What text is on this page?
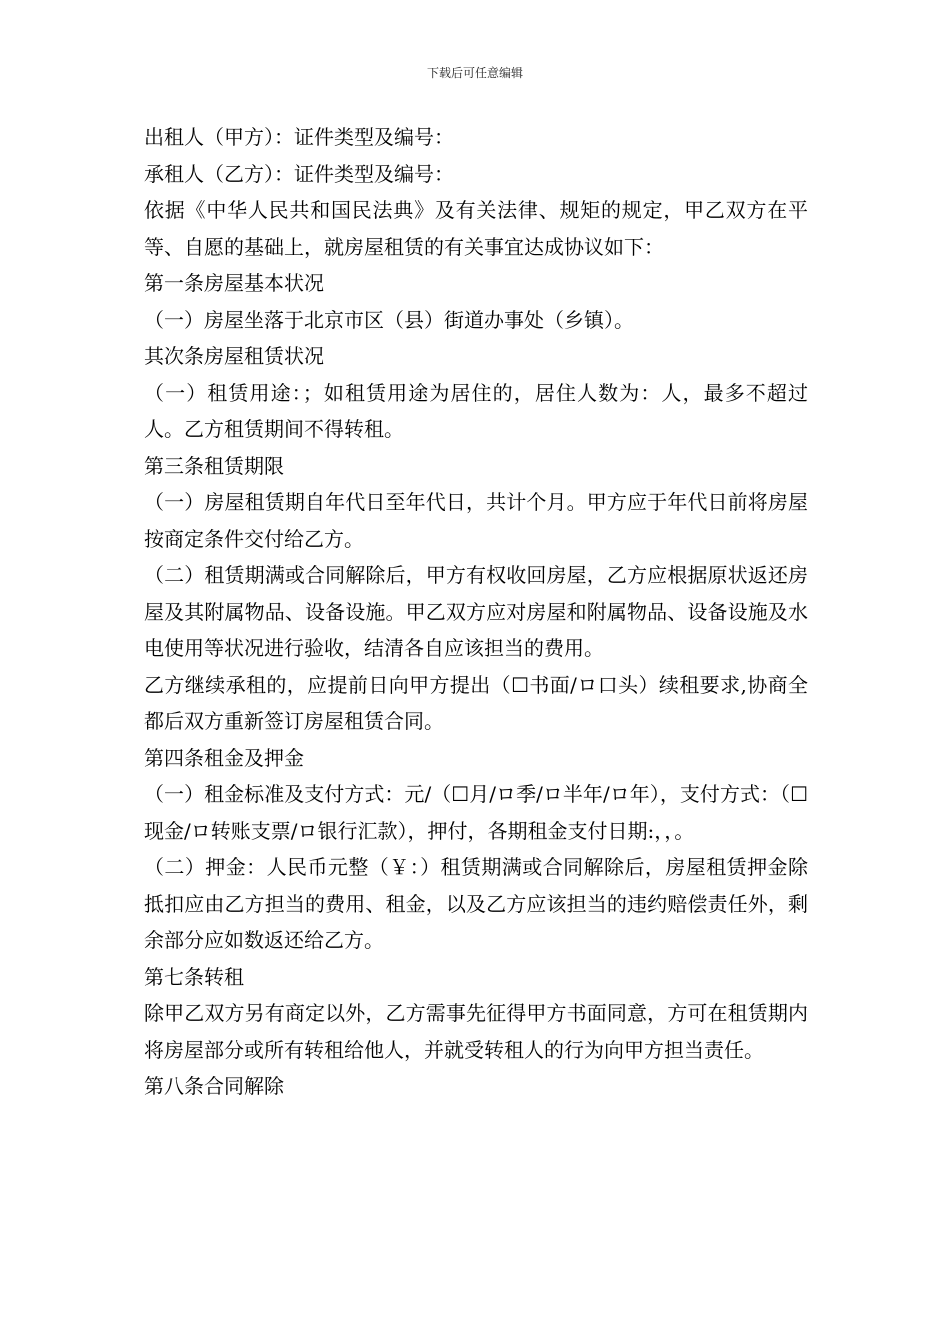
下载后可任意编辑

出租人（甲方）：证件类型及编号：

承租人（乙方）：证件类型及编号：

依据《中华人民共和国民法典》及有关法律、规矩的规定，甲乙双方在平等、自愿的基础上，就房屋租赁的有关事宜达成协议如下：

第一条房屋基本状况

（一）房屋坐落于北京市区（县）街道办事处（乡镇）。

其次条房屋租赁状况

（一）租赁用途：；如租赁用途为居住的，居住人数为：人，最多不超过人。乙方租赁期间不得转租。

第三条租赁期限

（一）房屋租赁期自年代日至年代日，共计个月。甲方应于年代日前将房屋按商定条件交付给乙方。

（二）租赁期满或合同解除后，甲方有权收回房屋，乙方应根据原状返还房屋及其附属物品、设备设施。甲乙双方应对房屋和附属物品、设备设施及水电使用等状况进行验收，结清各自应该担当的费用。

乙方继续承租的，应提前日向甲方提出（☐书面/ロ口头）续租要求,协商全都后双方重新签订房屋租赁合同。

第四条租金及押金

（一）租金标准及支付方式：元/（☐月/ロ季/ロ半年/ロ年），支付方式：（☐现金/ロ转账支票/ロ银行汇款），押付，各期租金支付日期:，，。

（二）押金：人民币元整（￥：）租赁期满或合同解除后，房屋租赁押金除抵扣应由乙方担当的费用、租金，以及乙方应该担当的违约赔偿责任外，剩余部分应如数返还给乙方。

第七条转租

除甲乙双方另有商定以外，乙方需事先征得甲方书面同意，方可在租赁期内将房屋部分或所有转租给他人，并就受转租人的行为向甲方担当责任。

第八条合同解除
